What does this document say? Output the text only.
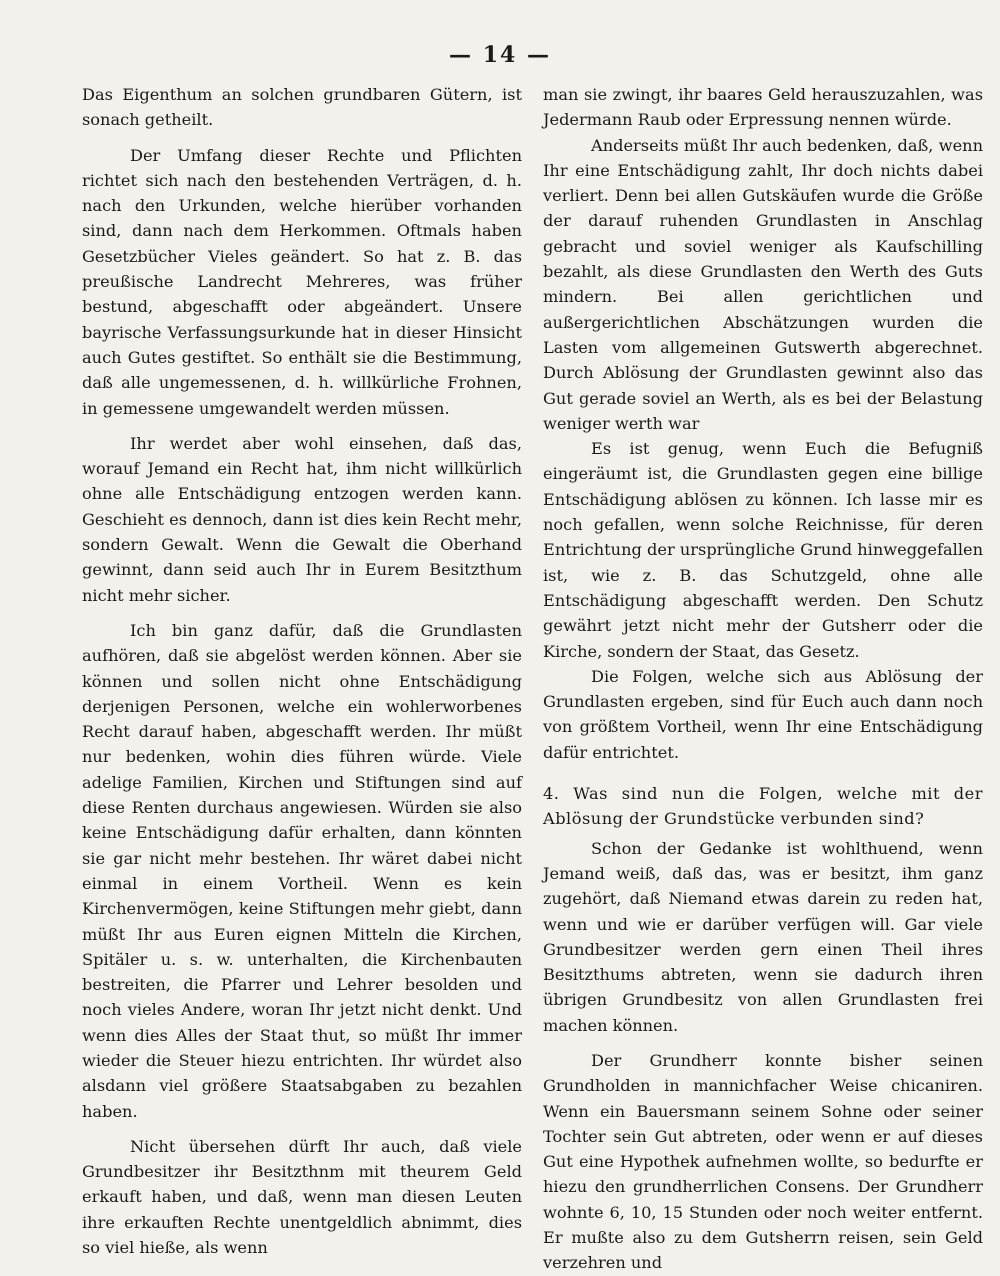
— 14 —

Das Eigenthum an solchen grundbaren Gütern, ist sonach getheilt.

Der Umfang dieser Rechte und Pflichten richtet sich nach den bestehenden Verträgen, d. h. nach den Urkunden, welche hierüber vorhanden sind, dann nach dem Herkommen. Oftmals haben Gesetzbücher Vieles geändert. So hat z. B. das preußische Landrecht Mehreres, was früher bestund, abgeschafft oder abgeändert. Unsere bayrische Verfassungsurkunde hat in dieser Hinsicht auch Gutes gestiftet. So enthält sie die Bestimmung, daß alle ungemessenen, d. h. willkürliche Frohnen, in gemessene umgewandelt werden müssen.

Ihr werdet aber wohl einsehen, daß das, worauf Jemand ein Recht hat, ihm nicht willkürlich ohne alle Entschädigung entzogen werden kann. Geschieht es dennoch, dann ist dies kein Recht mehr, sondern Gewalt. Wenn die Gewalt die Oberhand gewinnt, dann seid auch Ihr in Eurem Besitzthum nicht mehr sicher.

Ich bin ganz dafür, daß die Grundlasten aufhören, daß sie abgelöst werden können. Aber sie können und sollen nicht ohne Entschädigung derjenigen Personen, welche ein wohlerworbenes Recht darauf haben, abgeschafft werden. Ihr müßt nur bedenken, wohin dies führen würde. Viele adelige Familien, Kirchen und Stiftungen sind auf diese Renten durchaus angewiesen. Würden sie also keine Entschädigung dafür erhalten, dann könnten sie gar nicht mehr bestehen. Ihr wäret dabei nicht einmal in einem Vortheil. Wenn es kein Kirchenvermögen, keine Stiftungen mehr giebt, dann müßt Ihr aus Euren eignen Mitteln die Kirchen, Spitäler u. s. w. unterhalten, die Kirchenbauten bestreiten, die Pfarrer und Lehrer besolden und noch vieles Andere, woran Ihr jetzt nicht denkt. Und wenn dies Alles der Staat thut, so müßt Ihr immer wieder die Steuer hiezu entrichten. Ihr würdet also alsdann viel größere Staatsabgaben zu bezahlen haben.

Nicht übersehen dürft Ihr auch, daß viele Grundbesitzer ihr Besitzthnm mit theurem Geld erkauft haben, und daß, wenn man diesen Leuten ihre erkauften Rechte unentgeldlich abnimmt, dies so viel hieße, als wenn

man sie zwingt, ihr baares Geld herauszuzahlen, was Jedermann Raub oder Erpressung nennen würde.

Anderseits müßt Ihr auch bedenken, daß, wenn Ihr eine Entschädigung zahlt, Ihr doch nichts dabei verliert. Denn bei allen Gutskäufen wurde die Größe der darauf ruhenden Grundlasten in Anschlag gebracht und soviel weniger als Kaufschilling bezahlt, als diese Grundlasten den Werth des Guts mindern. Bei allen gerichtlichen und außergerichtlichen Abschätzungen wurden die Lasten vom allgemeinen Gutswerth abgerechnet. Durch Ablösung der Grundlasten gewinnt also das Gut gerade soviel an Werth, als es bei der Belastung weniger werth war

Es ist genug, wenn Euch die Befugniß eingeräumt ist, die Grundlasten gegen eine billige Entschädigung ablösen zu können. Ich lasse mir es noch gefallen, wenn solche Reichnisse, für deren Entrichtung der ursprüngliche Grund hinweggefallen ist, wie z. B. das Schutzgeld, ohne alle Entschädigung abgeschafft werden. Den Schutz gewährt jetzt nicht mehr der Gutsherr oder die Kirche, sondern der Staat, das Gesetz.

Die Folgen, welche sich aus Ablösung der Grundlasten ergeben, sind für Euch auch dann noch von größtem Vortheil, wenn Ihr eine Entschädigung dafür entrichtet.

4. Was sind nun die Folgen, welche mit der Ablösung der Grundstücke verbunden sind?

Schon der Gedanke ist wohlthuend, wenn Jemand weiß, daß das, was er besitzt, ihm ganz zugehört, daß Niemand etwas darein zu reden hat, wenn und wie er darüber verfügen will. Gar viele Grundbesitzer werden gern einen Theil ihres Besitzthums abtreten, wenn sie dadurch ihren übrigen Grundbesitz von allen Grundlasten frei machen können.

Der Grundherr konnte bisher seinen Grundholden in mannichfacher Weise chicaniren. Wenn ein Bauersmann seinem Sohne oder seiner Tochter sein Gut abtreten, oder wenn er auf dieses Gut eine Hypothek aufnehmen wollte, so bedurfte er hiezu den grundherrlichen Consens. Der Grundherr wohnte 6, 10, 15 Stunden oder noch weiter entfernt. Er mußte also zu dem Gutsherrn reisen, sein Geld verzehren und
